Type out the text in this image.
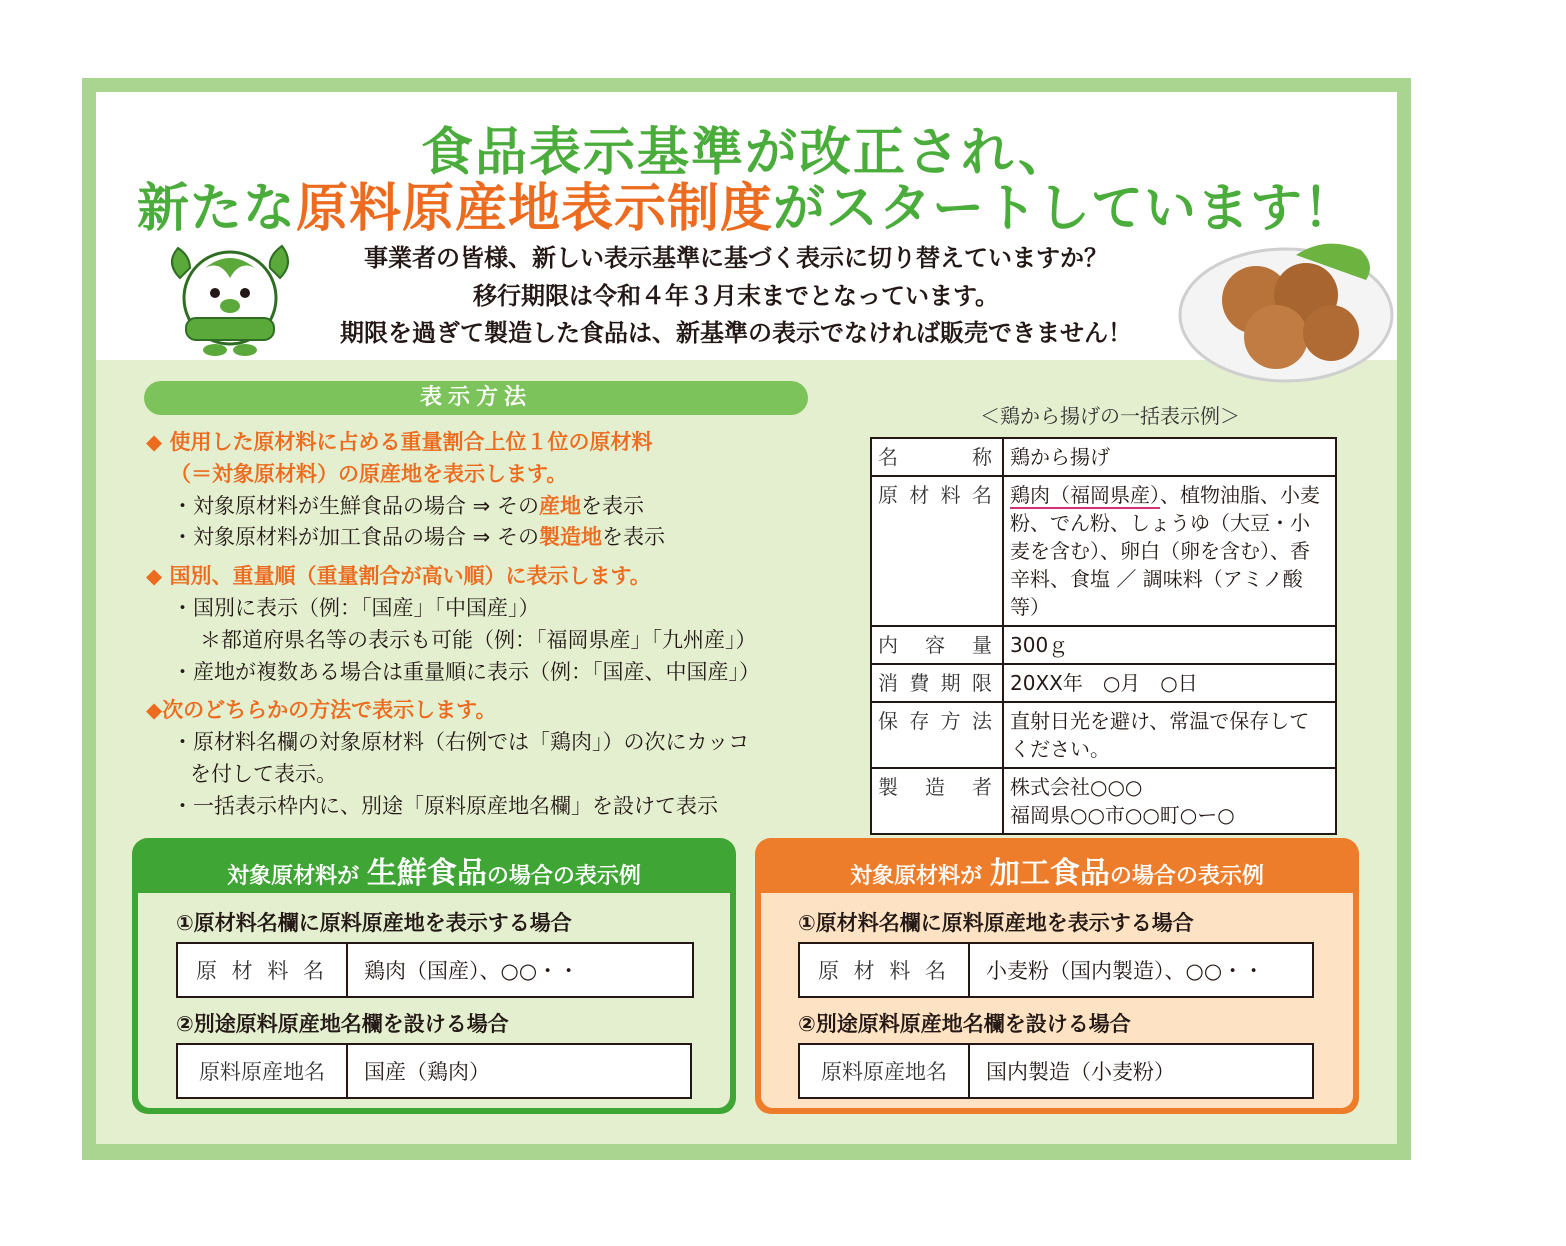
食品表示基準が改正され、
新たな原料原産地表示制度がスタートしています！
事業者の皆様、新しい表示基準に基づく表示に切り替えていますか？
移行期限は令和４年３月末までとなっています。
期限を過ぎて製造した食品は、新基準の表示でなければ販売できません！
表示方法
◆ 使用した原材料に占める重量割合上位１位の原材料
（＝対象原材料）の原産地を表示します。
・対象原材料が生鮮食品の場合 ⇒ その産地を表示
・対象原材料が加工食品の場合 ⇒ その製造地を表示
◆ 国別、重量順（重量割合が高い順）に表示します。
・国別に表示（例：「国産」「中国産」）
＊都道府県名等の表示も可能（例：「福岡県産」「九州産」）
・産地が複数ある場合は重量順に表示（例：「国産、中国産」）
◆次のどちらかの方法で表示します。
・原材料名欄の対象原材料（右例では「鶏肉」）の次にカッコ
を付して表示。
・一括表示枠内に、別途「原料原産地名欄」を設けて表示
＜鶏から揚げの一括表示例＞
名称	鶏から揚げ
原材料名	鶏肉（福岡県産）、植物油脂、小麦粉、でん粉、しょうゆ（大豆・小麦を含む）、卵白（卵を含む）、香辛料、食塩 ／ 調味料（アミノ酸等）
内容量	300ｇ
消費期限	20XX年　○月　○日
保存方法	直射日光を避け、常温で保存してください。
製造者	株式会社○○○
福岡県○○市○○町○ー○
対象原材料が 生鮮食品の場合の表示例
①原材料名欄に原料原産地を表示する場合
原 材 料 名	鶏肉（国産）、○○・・
②別途原料原産地名欄を設ける場合
原料原産地名	国産（鶏肉）
対象原材料が 加工食品の場合の表示例
①原材料名欄に原料原産地を表示する場合
原 材 料 名	小麦粉（国内製造）、○○・・
②別途原料原産地名欄を設ける場合
原料原産地名	国内製造（小麦粉）
